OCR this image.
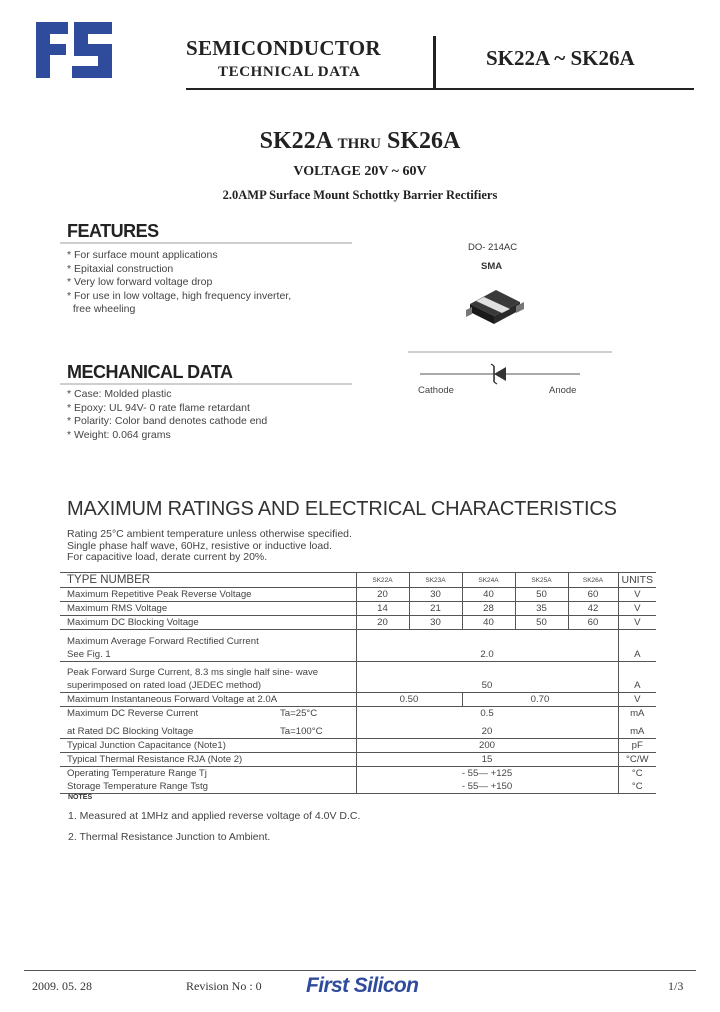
SEMICONDUCTOR
TECHNICAL DATA
SK22A ~ SK26A
SK22A THRU SK26A
VOLTAGE 20V ~ 60V
2.0AMP Surface Mount Schottky Barrier Rectifiers
FEATURES
* For surface mount applications
* Epitaxial construction
* Very low forward voltage drop
* For use in low voltage, high frequency inverter,
free wheeling
DO- 214AC
SMA
Cathode	Anode
MECHANICAL DATA
* Case: Molded plastic
* Epoxy: UL 94V- 0 rate flame retardant
* Polarity: Color band denotes cathode end
* Weight: 0.064 grams
MAXIMUM RATINGS AND ELECTRICAL CHARACTERISTICS
Rating 25°C ambient temperature unless otherwise specified.
Single phase half wave, 60Hz, resistive or inductive load.
For capacitive load, derate current by 20%.
TYPE NUMBER		SK22A	SK23A	SK24A	SK25A	SK26A	UNITS
Maximum Repetitive Peak Reverse Voltage		20	30	40	50	60	V
Maximum RMS Voltage		14	21	28	35	42	V
Maximum DC Blocking Voltage		20	30	40	50	60	V
Maximum Average Forward Rectified Current							
See Fig. 1		2.0					A
Peak Forward Surge Current, 8.3 ms single half sine- wave							
superimposed on rated load (JEDEC method)		50					A
Maximum Instantaneous Forward Voltage at 2.0A		0.50		0.70			V
Maximum DC Reverse Current	Ta=25°C	0.5					mA
at Rated DC Blocking Voltage	Ta=100°C	20					mA
Typical Junction Capacitance (Note1)		200					pF
Typical Thermal Resistance RJA (Note 2)		15					°C/W
Operating Temperature Range Tj		- 55— +125					°C
Storage Temperature Range Tstg		- 55— +150					°C
NOTES
1. Measured at 1MHz and applied reverse voltage of 4.0V D.C.
2. Thermal Resistance Junction to Ambient.
2009. 05. 28	Revision No : 0 First Silicon	1/3
